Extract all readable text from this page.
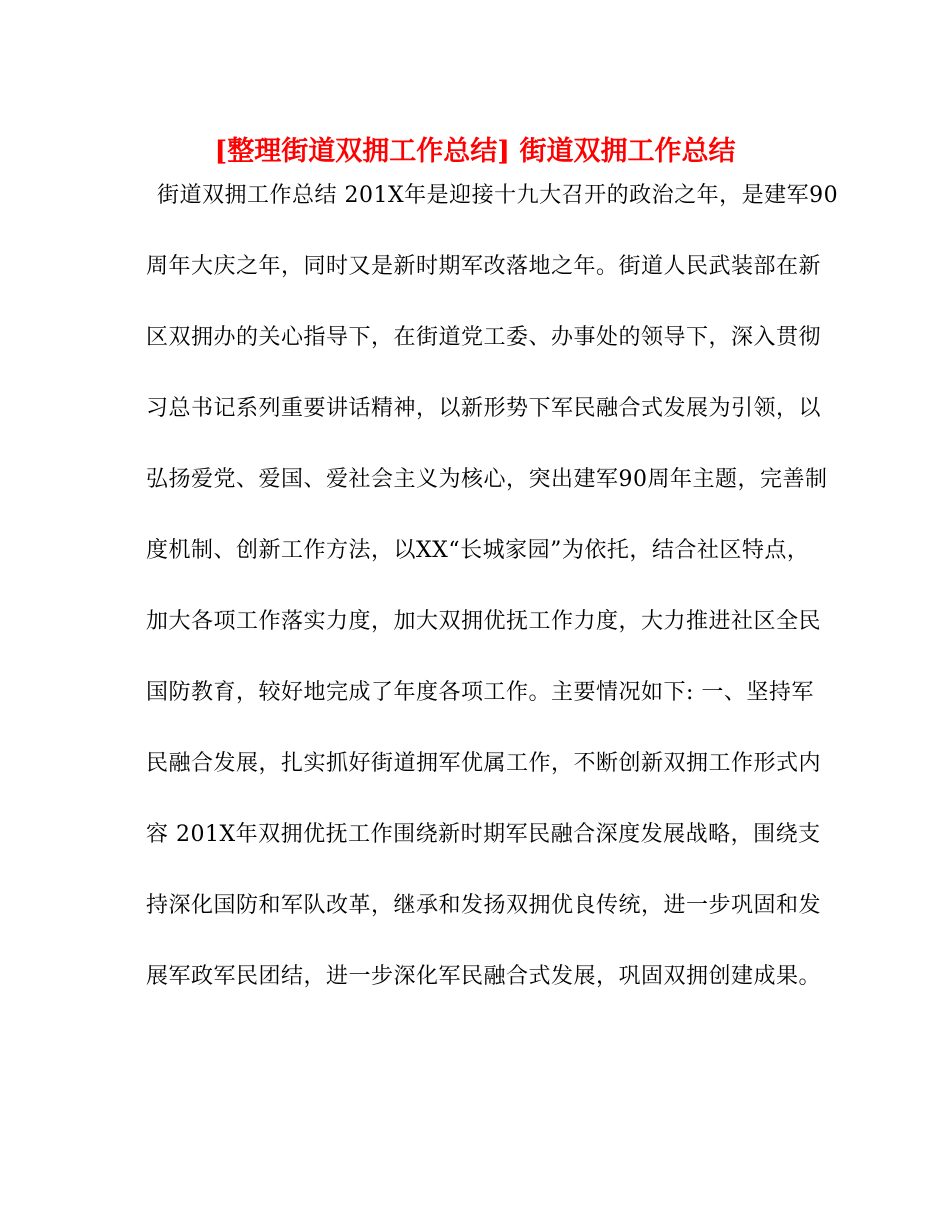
[整理街道双拥工作总结] 街道双拥工作总结
街道双拥工作总结 201X年是迎接十九大召开的政治之年，是建军90
周年大庆之年，同时又是新时期军改落地之年。街道人民武装部在新
区双拥办的关心指导下，在街道党工委、办事处的领导下，深入贯彻
习总书记系列重要讲话精神，以新形势下军民融合式发展为引领，以
弘扬爱党、爱国、爱社会主义为核心，突出建军90周年主题，完善制
度机制、创新工作方法，以XX“长城家园”为依托，结合社区特点，
加大各项工作落实力度，加大双拥优抚工作力度，大力推进社区全民
国防教育，较好地完成了年度各项工作。主要情况如下: 一、坚持军
民融合发展，扎实抓好街道拥军优属工作，不断创新双拥工作形式内
容 201X年双拥优抚工作围绕新时期军民融合深度发展战略，围绕支
持深化国防和军队改革，继承和发扬双拥优良传统，进一步巩固和发
展军政军民团结，进一步深化军民融合式发展，巩固双拥创建成果。
